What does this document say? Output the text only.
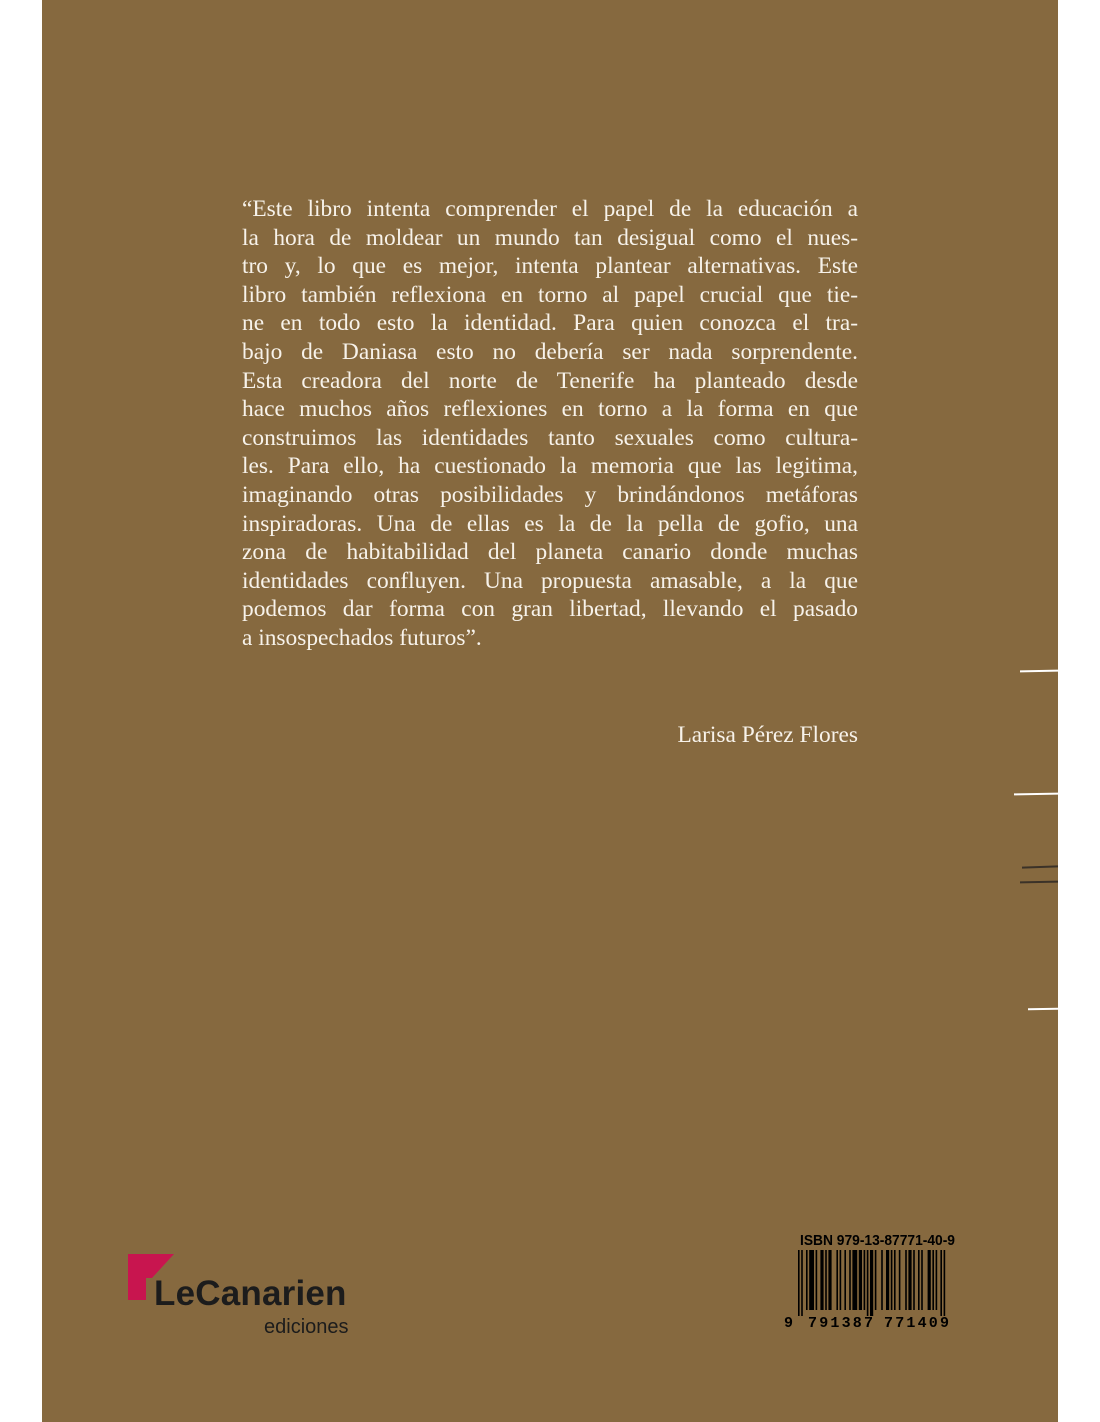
“Este libro intenta comprender el papel de la educación a
la hora de moldear un mundo tan desigual como el nues-
tro y, lo que es mejor, intenta plantear alternativas. Este
libro también reflexiona en torno al papel crucial que tie-
ne en todo esto la identidad. Para quien conozca el tra-
bajo de Daniasa esto no debería ser nada sorprendente.
Esta creadora del norte de Tenerife ha planteado desde
hace muchos años reflexiones en torno a la forma en que
construimos las identidades tanto sexuales como cultura-
les. Para ello, ha cuestionado la memoria que las legitima,
imaginando otras posibilidades y brindándonos metáforas
inspiradoras. Una de ellas es la de la pella de gofio, una
zona de habitabilidad del planeta canario donde muchas
identidades confluyen. Una propuesta amasable, a la que
podemos dar forma con gran libertad, llevando el pasado
a insospechados futuros”.
Larisa Pérez Flores
LeCanarien
ediciones
ISBN 979-13-87771-40-9
9 791387 771409
